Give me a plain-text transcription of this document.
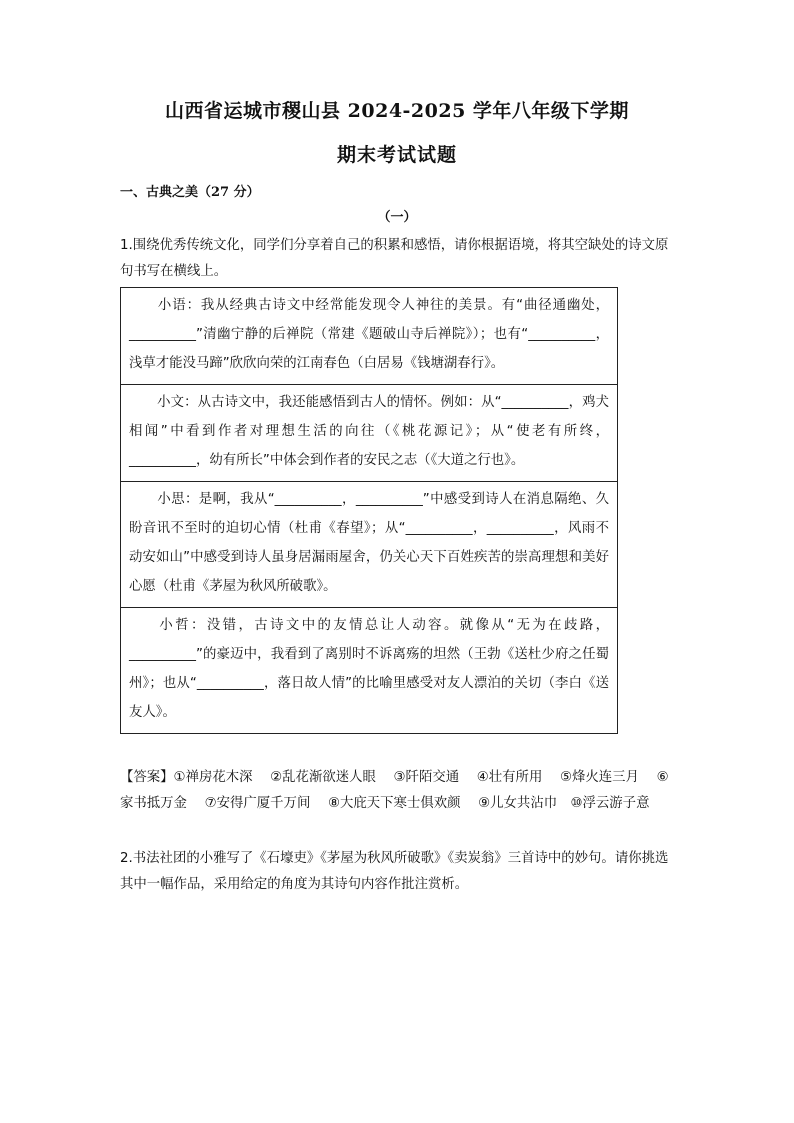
山西省运城市稷山县 2024-2025 学年八年级下学期
期末考试试题
一、古典之美（27 分）
（一）
1.围绕优秀传统文化，同学们分享着自己的积累和感悟，请你根据语境，将其空缺处的诗文原句书写在横线上。
小语：我从经典古诗文中经常能发现令人神往的美景。有“曲径通幽处，__________”清幽宁静的后禅院（常建《题破山寺后禅院》）；也有“__________，浅草才能没马蹄”欣欣向荣的江南春色（白居易《钱塘湖春行》。
小文：从古诗文中，我还能感悟到古人的情怀。例如：从“__________，鸡犬相闻”中看到作者对理想生活的向往（《桃花源记》；从“使老有所终，__________，幼有所长”中体会到作者的安民之志（《大道之行也》。
小思：是啊，我从“__________，__________”中感受到诗人在消息隔绝、久盼音讯不至时的迫切心情（杜甫《春望》；从“__________，__________，风雨不动安如山”中感受到诗人虽身居漏雨屋舍，仍关心天下百姓疾苦的崇高理想和美好心愿（杜甫《茅屋为秋风所破歌》。
小哲：没错，古诗文中的友情总让人动容。就像从“无为在歧路，__________”的豪迈中，我看到了离别时不诉离殇的坦然（王勃《送杜少府之任蜀州》；也从“__________，落日故人情”的比喻里感受对友人漂泊的关切（李白《送友人》。
【答案】①禅房花木深　 ②乱花渐欲迷人眼　 ③阡陌交通　 ④壮有所用　 ⑤烽火连三月　 ⑥家书抵万金　 ⑦安得广厦千万间　 ⑧大庇天下寒士俱欢颜　 ⑨儿女共沾巾　⑩浮云游子意
2.书法社团的小雅写了《石壕吏》《茅屋为秋风所破歌》《卖炭翁》三首诗中的妙句。请你挑选其中一幅作品，采用给定的角度为其诗句内容作批注赏析。
